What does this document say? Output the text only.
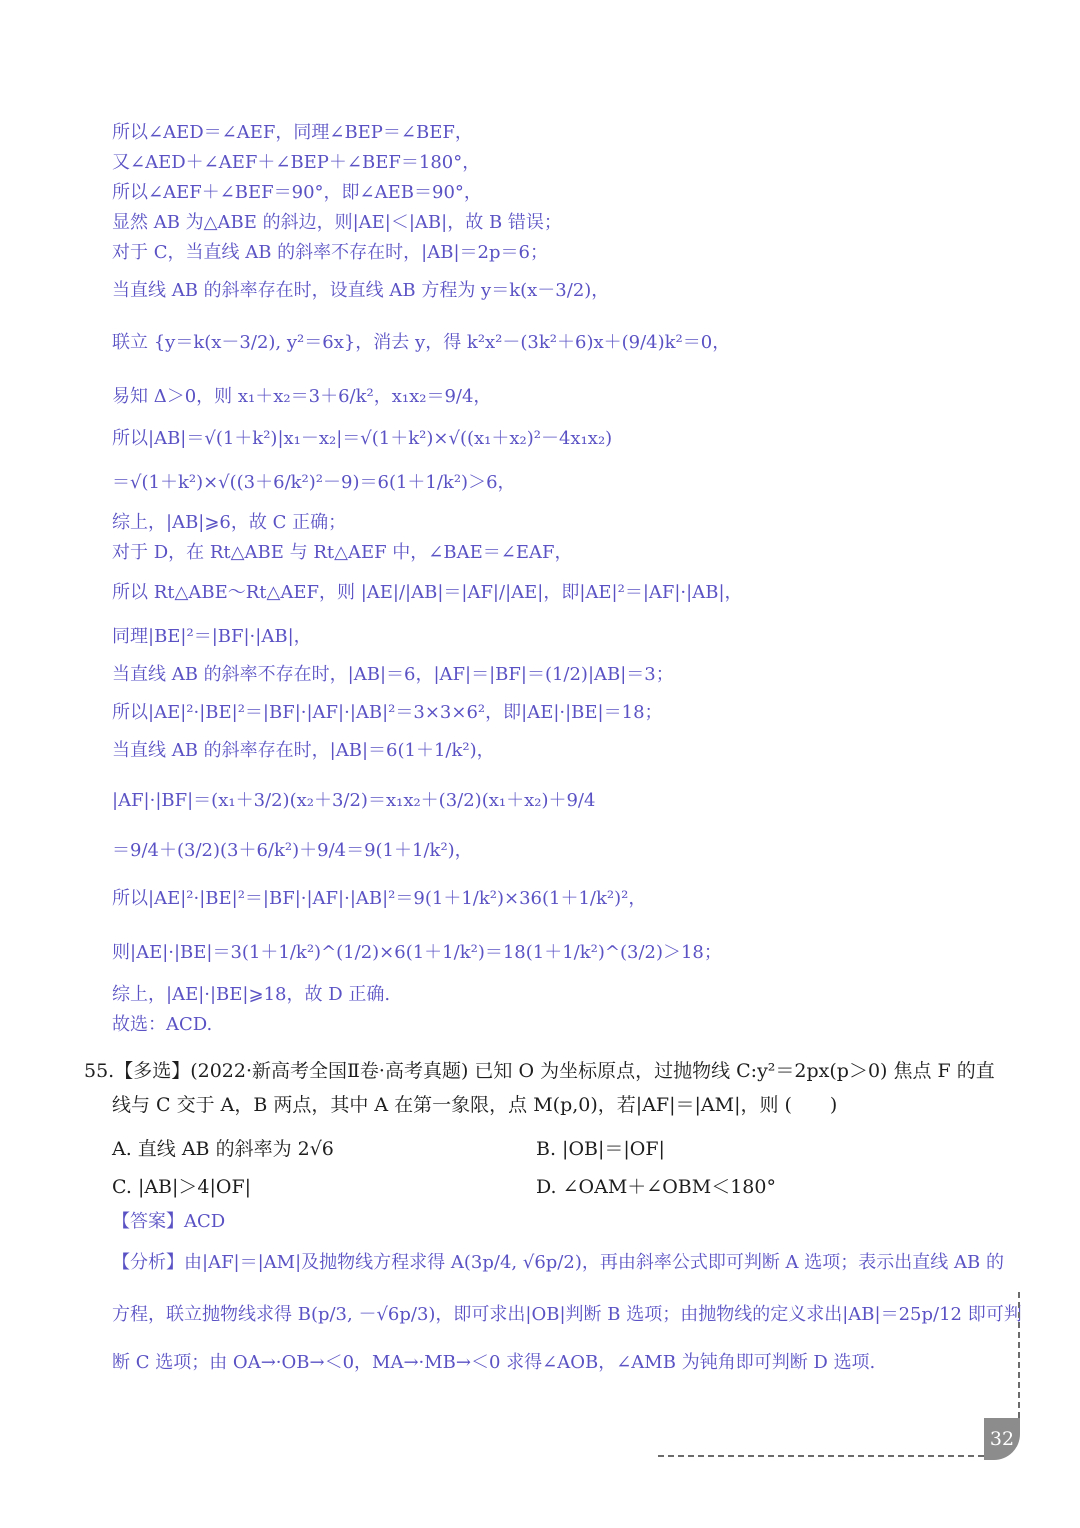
所以∠AED＝∠AEF，同理∠BEP＝∠BEF，
又∠AED＋∠AEF＋∠BEP＋∠BEF＝180°，
所以∠AEF＋∠BEF＝90°，即∠AEB＝90°，
显然 AB 为△ABE 的斜边，则|AE|＜|AB|，故 B 错误；
对于 C，当直线 AB 的斜率不存在时，|AB|＝2p＝6；
当直线 AB 的斜率存在时，设直线 AB 方程为 y＝k(x－3/2)，
联立 {y＝k(x－3/2), y²＝6x}，消去 y，得 k²x²－(3k²＋6)x＋(9/4)k²＝0，
易知 Δ＞0，则 x₁＋x₂＝3＋6/k²，x₁x₂＝9/4，
所以|AB|＝√(1＋k²)|x₁－x₂|＝√(1＋k²)×√((x₁＋x₂)²－4x₁x₂)
＝√(1＋k²)×√((3＋6/k²)²－9)＝6(1＋1/k²)＞6，
综上，|AB|⩾6，故 C 正确；
对于 D，在 Rt△ABE 与 Rt△AEF 中，∠BAE＝∠EAF，
所以 Rt△ABE～Rt△AEF，则 |AE|/|AB|＝|AF|/|AE|，即|AE|²＝|AF|·|AB|，
同理|BE|²＝|BF|·|AB|，
当直线 AB 的斜率不存在时，|AB|＝6，|AF|＝|BF|＝(1/2)|AB|＝3；
所以|AE|²·|BE|²＝|BF|·|AF|·|AB|²＝3×3×6²，即|AE|·|BE|＝18；
当直线 AB 的斜率存在时，|AB|＝6(1＋1/k²)，
|AF|·|BF|＝(x₁＋3/2)(x₂＋3/2)＝x₁x₂＋(3/2)(x₁＋x₂)＋9/4
＝9/4＋(3/2)(3＋6/k²)＋9/4＝9(1＋1/k²)，
所以|AE|²·|BE|²＝|BF|·|AF|·|AB|²＝9(1＋1/k²)×36(1＋1/k²)²，
则|AE|·|BE|＝3(1＋1/k²)^(1/2)×6(1＋1/k²)＝18(1＋1/k²)^(3/2)＞18；
综上，|AE|·|BE|⩾18，故 D 正确.
故选：ACD.
55.【多选】(2022·新高考全国Ⅱ卷·高考真题) 已知 O 为坐标原点，过抛物线 C:y²＝2px(p＞0) 焦点 F 的直
线与 C 交于 A，B 两点，其中 A 在第一象限，点 M(p,0)，若|AF|＝|AM|，则 (　　)
A. 直线 AB 的斜率为 2√6	B. |OB|＝|OF|
C. |AB|＞4|OF|	D. ∠OAM＋∠OBM＜180°
【答案】ACD
【分析】由|AF|＝|AM|及抛物线方程求得 A(3p/4, √6p/2)，再由斜率公式即可判断 A 选项；表示出直线 AB 的
方程，联立抛物线求得 B(p/3, －√6p/3)，即可求出|OB|判断 B 选项；由抛物线的定义求出|AB|＝25p/12 即可判
断 C 选项；由 OA→·OB→＜0，MA→·MB→＜0 求得∠AOB，∠AMB 为钝角即可判断 D 选项.
32
